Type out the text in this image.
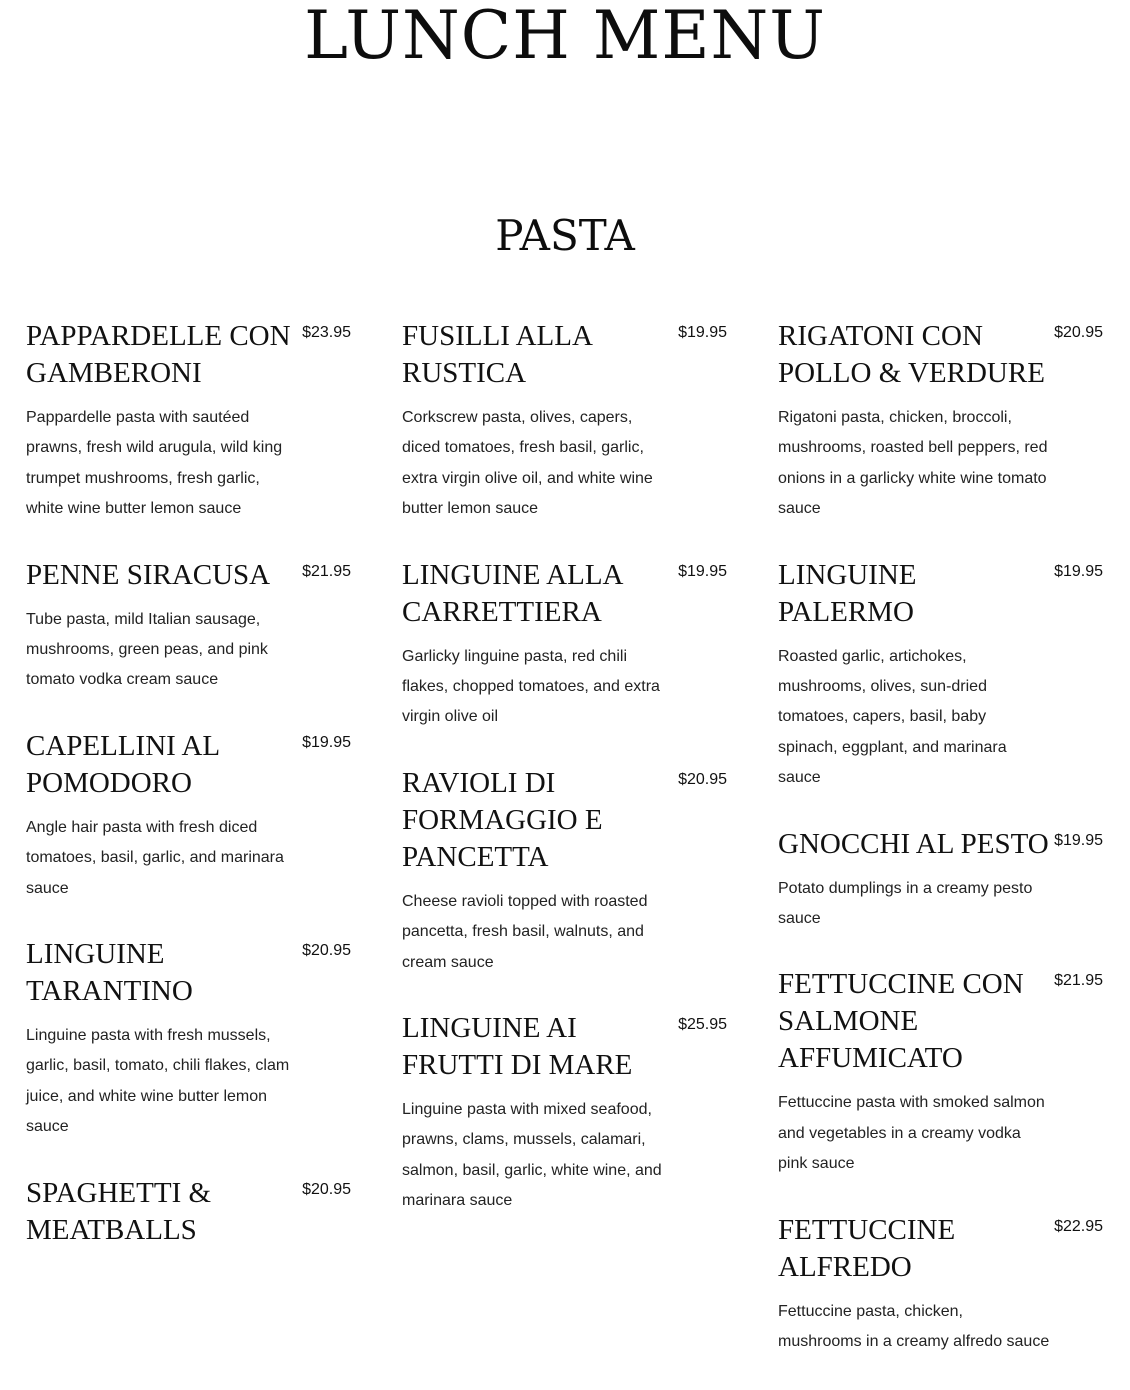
LUNCH MENU
PASTA
PAPPARDELLE CON GAMBERONI
$23.95
Pappardelle pasta with sautéed prawns, fresh wild arugula, wild king trumpet mushrooms, fresh garlic, white wine butter lemon sauce
PENNE SIRACUSA	$21.95
Tube pasta, mild Italian sausage, mushrooms, green peas, and pink tomato vodka cream sauce
CAPELLINI AL POMODORO
$19.95
Angle hair pasta with fresh diced tomatoes, basil, garlic, and marinara sauce
LINGUINE TARANTINO
$20.95
Linguine pasta with fresh mussels, garlic, basil, tomato, chili flakes, clam juice, and white wine butter lemon sauce
SPAGHETTI & MEATBALLS
$20.95
FUSILLI ALLA RUSTICA
$19.95
Corkscrew pasta, olives, capers, diced tomatoes, fresh basil, garlic, extra virgin olive oil, and white wine butter lemon sauce
LINGUINE ALLA CARRETTIERA
$19.95
Garlicky linguine pasta, red chili flakes, chopped tomatoes, and extra virgin olive oil
RAVIOLI DI FORMAGGIO E PANCETTA
$20.95
Cheese ravioli topped with roasted pancetta, fresh basil, walnuts, and cream sauce
LINGUINE AI FRUTTI DI MARE
$25.95
Linguine pasta with mixed seafood, prawns, clams, mussels, calamari, salmon, basil, garlic, white wine, and marinara sauce
RIGATONI CON POLLO & VERDURE
$20.95
Rigatoni pasta, chicken, broccoli, mushrooms, roasted bell peppers, red onions in a garlicky white wine tomato sauce
LINGUINE PALERMO
$19.95
Roasted garlic, artichokes, mushrooms, olives, sun-dried tomatoes, capers, basil, baby spinach, eggplant, and marinara sauce
GNOCCHI AL PESTO $19.95
Potato dumplings in a creamy pesto sauce
FETTUCCINE CON SALMONE AFFUMICATO
$21.95
Fettuccine pasta with smoked salmon and vegetables in a creamy vodka pink sauce
FETTUCCINE ALFREDO
$22.95
Fettuccine pasta, chicken, mushrooms in a creamy alfredo sauce
